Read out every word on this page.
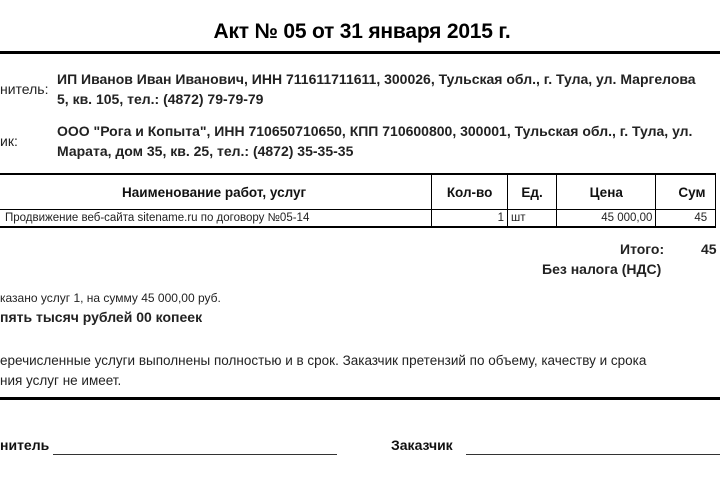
Акт № 05 от 31 января 2015 г.
нитель:
ИП Иванов Иван Иванович, ИНН 711611711611, 300026, Тульская обл., г. Тула, ул. Маргелова
5, кв. 105, тел.: (4872) 79-79-79
ик:
ООО "Рога и Копыта", ИНН 710650710650, КПП 710600800, 300001, Тульская обл., г. Тула, ул.
Марата, дом 35, кв. 25, тел.: (4872) 35-35-35
Наименование работ, услуг	Кол-во	Ед.	Цена	Сум
Продвижение веб-сайта sitename.ru по договору №05-14	1	шт	45 000,00	45
Итого:	45
Без налога (НДС)
казано услуг 1, на сумму 45 000,00 руб.
пять тысяч рублей 00 копеек
еречисленные услуги выполнены полностью и в срок. Заказчик претензий по объему, качеству и срока
ния услуг не имеет.
нитель	Заказчик
